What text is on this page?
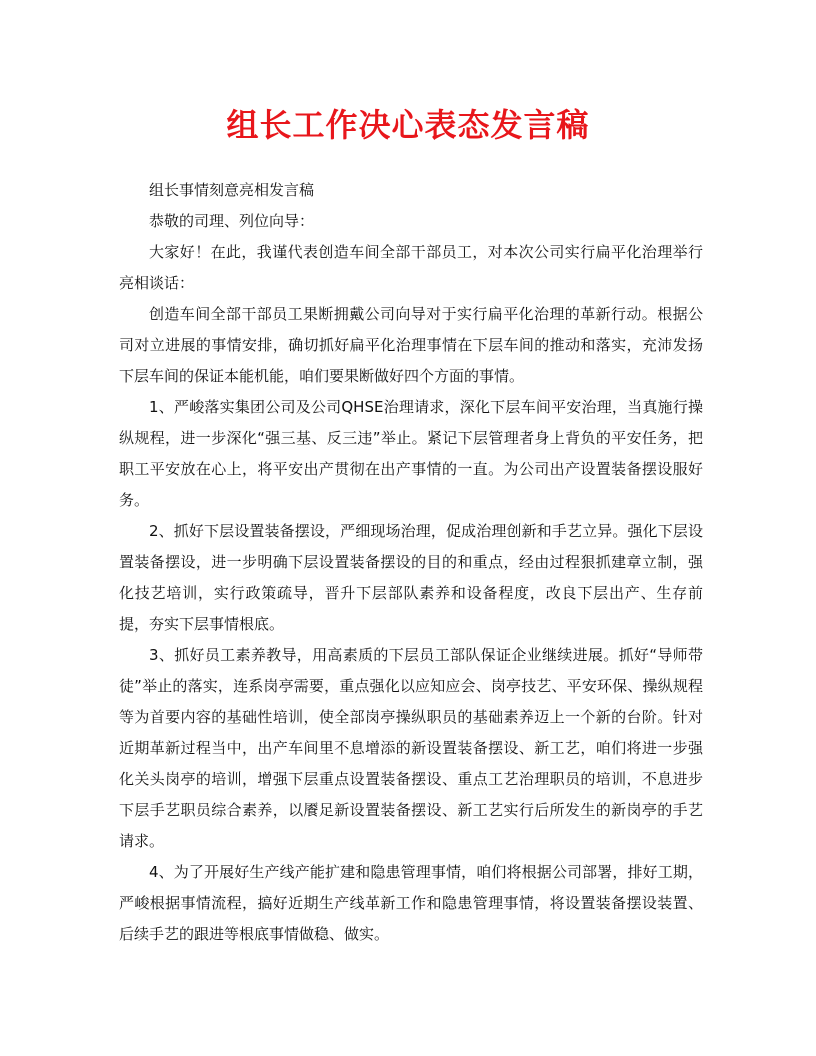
组长工作决心表态发言稿

组长事情刻意亮相发言稿

恭敬的司理、列位向导：

大家好！在此，我谨代表创造车间全部干部员工，对本次公司实行扁平化治理举行亮相谈话：

创造车间全部干部员工果断拥戴公司向导对于实行扁平化治理的革新行动。根据公司对立进展的事情安排，确切抓好扁平化治理事情在下层车间的推动和落实，充沛发扬下层车间的保证本能机能，咱们要果断做好四个方面的事情。

1、严峻落实集团公司及公司QHSE治理请求，深化下层车间平安治理，当真施行操纵规程，进一步深化“强三基、反三违”举止。紧记下层管理者身上背负的平安任务，把职工平安放在心上，将平安出产贯彻在出产事情的一直。为公司出产设置装备摆设服好务。

2、抓好下层设置装备摆设，严细现场治理，促成治理创新和手艺立异。强化下层设置装备摆设，进一步明确下层设置装备摆设的目的和重点，经由过程狠抓建章立制，强化技艺培训，实行政策疏导，晋升下层部队素养和设备程度，改良下层出产、生存前提，夯实下层事情根底。

3、抓好员工素养教导，用高素质的下层员工部队保证企业继续进展。抓好“导师带徒”举止的落实，连系岗亭需要，重点强化以应知应会、岗亭技艺、平安环保、操纵规程等为首要内容的基础性培训，使全部岗亭操纵职员的基础素养迈上一个新的台阶。针对近期革新过程当中，出产车间里不息增添的新设置装备摆设、新工艺，咱们将进一步强化关头岗亭的培训，增强下层重点设置装备摆设、重点工艺治理职员的培训，不息进步下层手艺职员综合素养，以餍足新设置装备摆设、新工艺实行后所发生的新岗亭的手艺请求。

4、为了开展好生产线产能扩建和隐患管理事情，咱们将根据公司部署，排好工期，严峻根据事情流程，搞好近期生产线革新工作和隐患管理事情，将设置装备摆设装置、后续手艺的跟进等根底事情做稳、做实。
